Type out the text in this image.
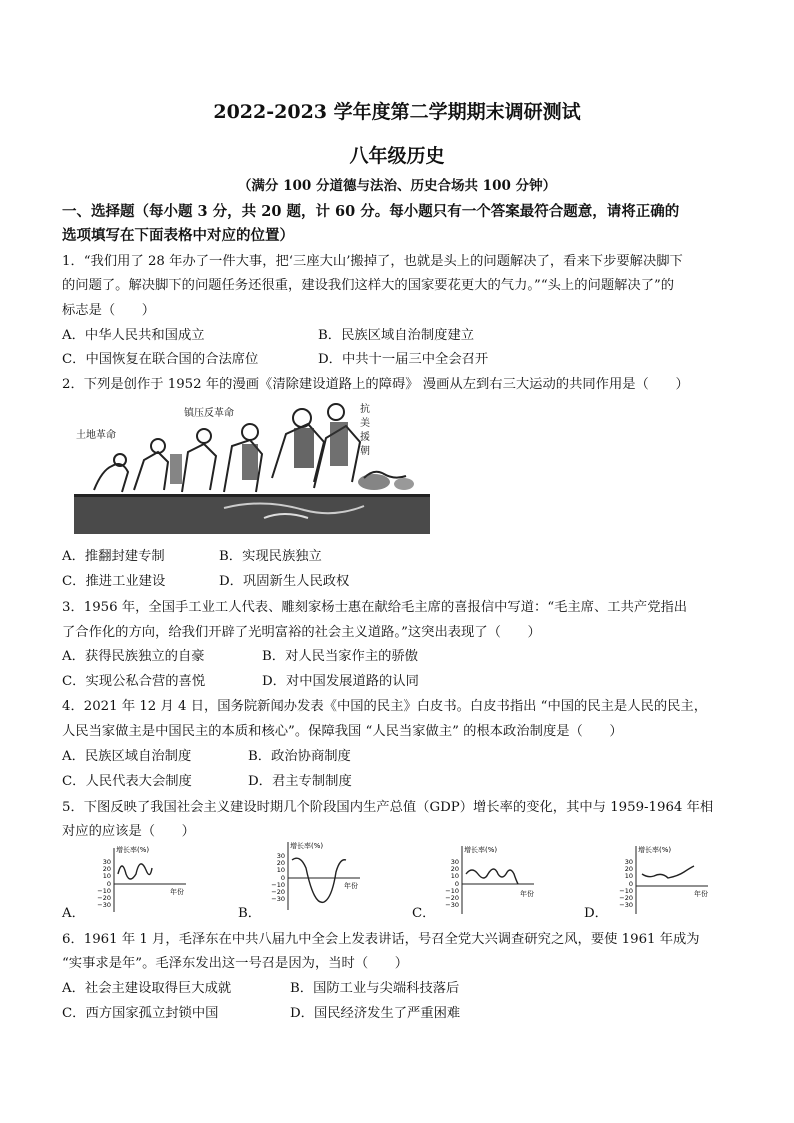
2022-2023 学年度第二学期期末调研测试
八年级历史
（满分 100 分道德与法治、历史合场共 100 分钟）
一、选择题（每小题 3 分，共 20 题，计 60 分。每小题只有一个答案最符合题意，请将正确的
选项填写在下面表格中对应的位置）
1．“我们用了 28 年办了一件大事，把‘三座大山’搬掉了，也就是头上的问题解决了，看来下步要解决脚下
的问题了。解决脚下的问题任务还很重，建设我们这样大的国家要花更大的气力。”“头上的问题解决了”的
标志是（　　）
A．中华人民共和国成立	B．民族区域自治制度建立
C．中国恢复在联合国的合法席位	D．中共十一届三中全会召开
2．下列是创作于 1952 年的漫画《清除建设道路上的障碍》 漫画从左到右三大运动的共同作用是（　　）
土地革命
镇压反革命	抗
美
援
朝
A．推翻封建专制	B．实现民族独立
C．推进工业建设	D．巩固新生人民政权
3．1956 年，全国手工业工人代表、雕刻家杨士惠在献给毛主席的喜报信中写道：“毛主席、工共产党指出
了合作化的方向，给我们开辟了光明富裕的社会主义道路。”这突出表现了（　　）
A．获得民族独立的自豪	B．对人民当家作主的骄傲
C．实现公私合营的喜悦	D．对中国发展道路的认同
4．2021 年 12 月 4 日，国务院新闻办发表《中国的民主》白皮书。白皮书指出 “中国的民主是人民的民主，
人民当家做主是中国民主的本质和核心”。保障我国 “人民当家做主” 的根本政治制度是（　　）
A．民族区域自治制度	B．政治协商制度
C．人民代表大会制度	D．君主专制制度
5．下图反映了我国社会主义建设时期几个阶段国内生产总值（GDP）增长率的变化，其中与 1959-1964 年相
对应的应该是（　　）
A．	B．	C．	D．
增长率(%)
年份
30
20
10
0
−10
−20
−30
增长率(%)
年份
30
20
10
0
−10
−20
−30
增长率(%)
年份
30
20
10
0
−10
−20
−30
增长率(%)
年份
30
20
10
0
−10
−20
−30
6．1961 年 1 月，毛泽东在中共八届九中全会上发表讲话，号召全党大兴调查研究之风，要使 1961 年成为
“实事求是年”。毛泽东发出这一号召是因为，当时（　　）
A．社会主建设取得巨大成就	B．国防工业与尖端科技落后
C．西方国家孤立封锁中国	D．国民经济发生了严重困难
